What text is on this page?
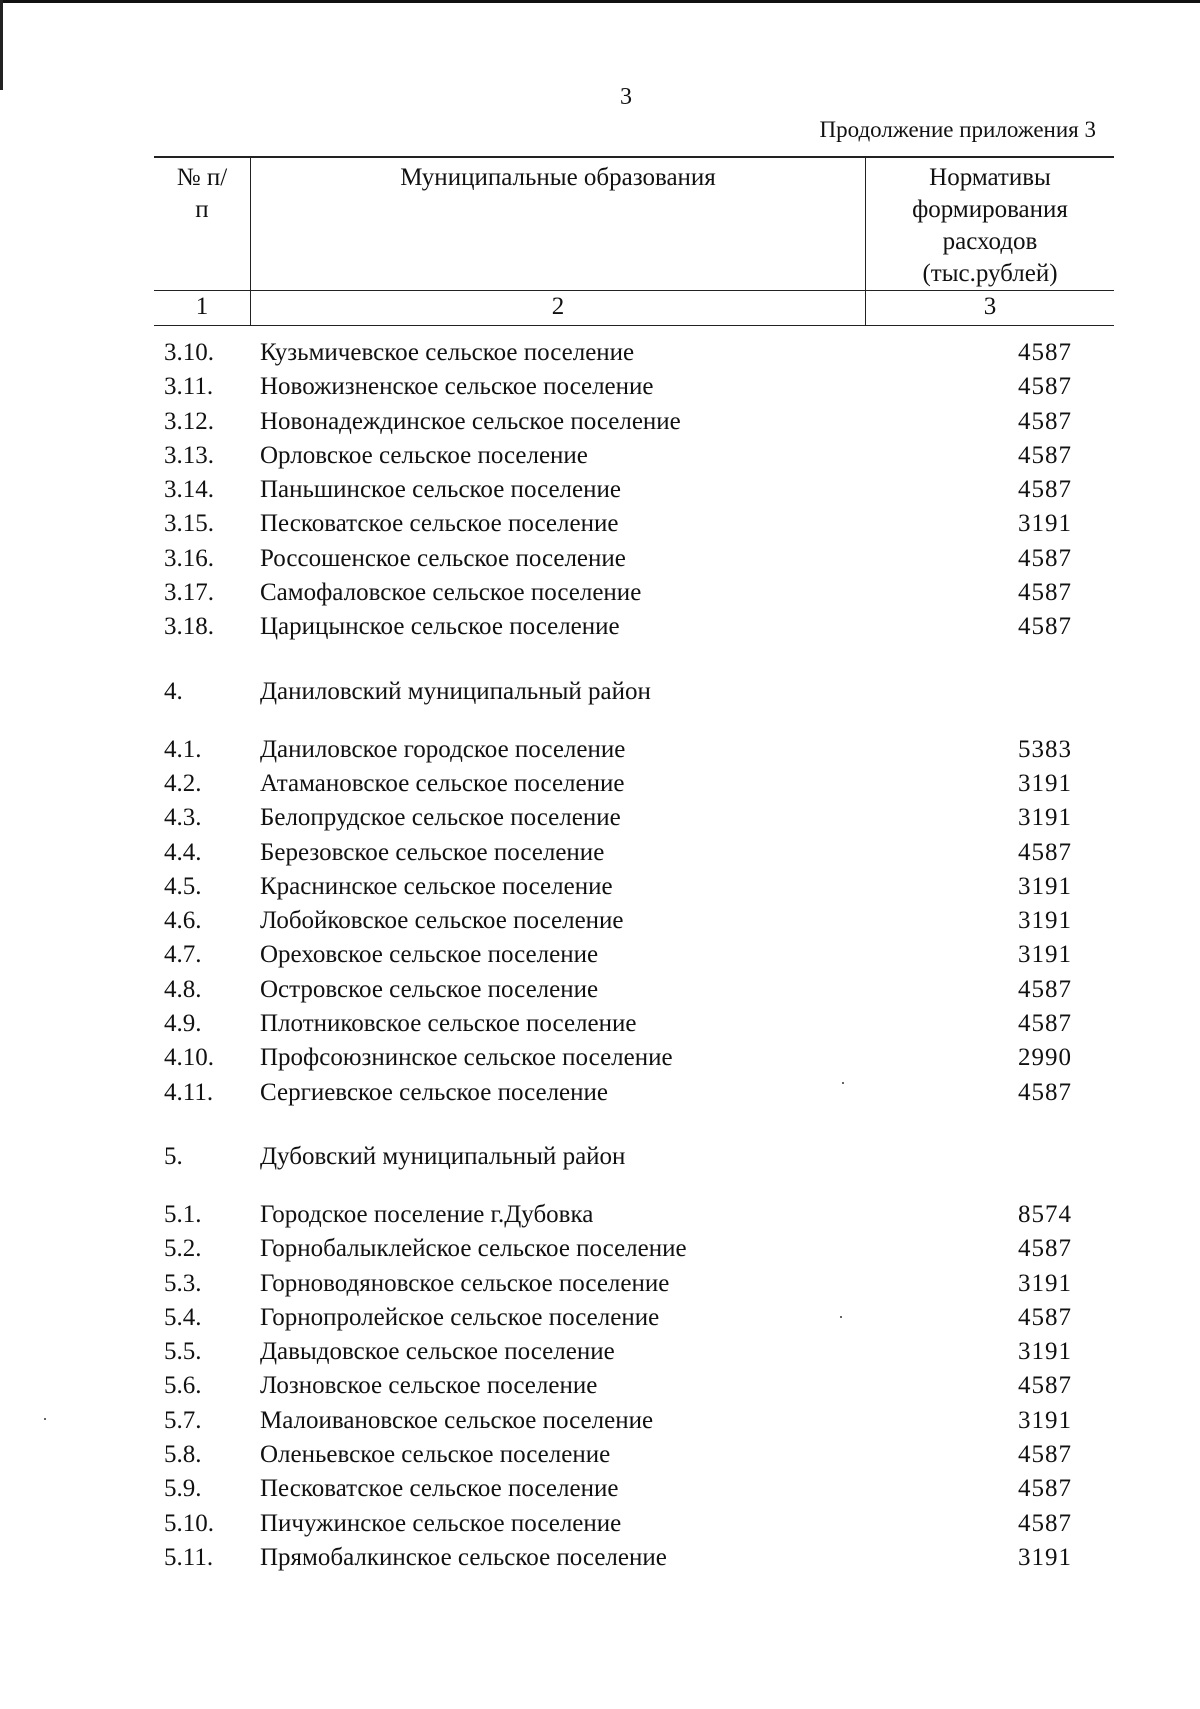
3
Продолжение приложения 3
№ п/п	Муниципальные образования	Нормативы формирования расходов (тыс.рублей)

1	2	3
3.10. Кузьмичевское сельское поселение	4587
3.11. Новожизненское сельское поселение	4587
3.12. Новонадеждинское сельское поселение	4587
3.13. Орловское сельское поселение	4587
3.14. Паньшинское сельское поселение	4587
3.15. Песковатское сельское поселение	3191
3.16. Россошенское сельское поселение	4587
3.17. Самофаловское сельское поселение	4587
3.18. Царицынское сельское поселение	4587
4.	Даниловский муниципальный район
4.1. Даниловское городское поселение	5383
4.2. Атамановское сельское поселение	3191
4.3. Белопрудское сельское поселение	3191
4.4. Березовское сельское поселение	4587
4.5. Краснинское сельское поселение	3191
4.6. Лобойковское сельское поселение	3191
4.7. Ореховское сельское поселение	3191
4.8. Островское сельское поселение	4587
4.9. Плотниковское сельское поселение	4587
4.10. Профсоюзнинское сельское поселение	2990
4.11. Сергиевское сельское поселение	4587
5.	Дубовский муниципальный район
5.1. Городское поселение г.Дубовка	8574
5.2. Горнобалыклейское сельское поселение	4587
5.3. Горноводяновское сельское поселение	3191
5.4. Горнопролейское сельское поселение	4587
5.5. Давыдовское сельское поселение	3191
5.6. Лозновское сельское поселение	4587
5.7. Малоивановское сельское поселение	3191
5.8. Оленьевское сельское поселение	4587
5.9. Песковатское сельское поселение	4587
5.10. Пичужинское сельское поселение	4587
5.11. Прямобалкинское сельское поселение	3191
